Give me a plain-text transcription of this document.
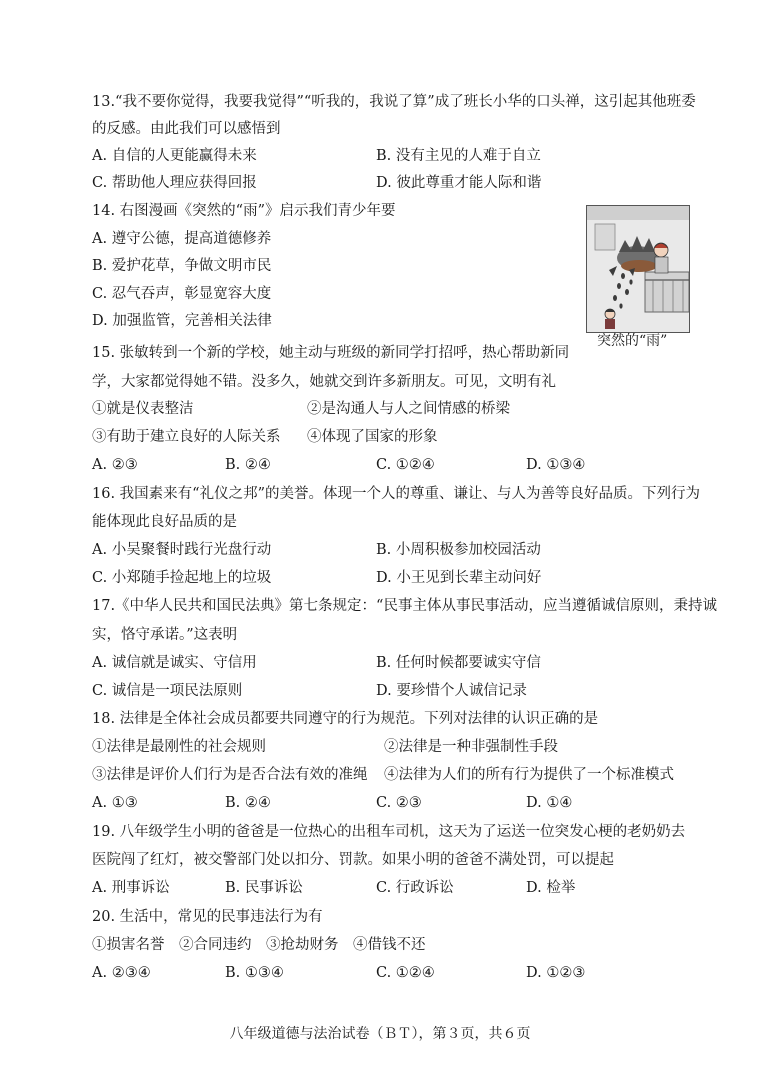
13.“我不要你觉得，我要我觉得”“听我的，我说了算”成了班长小华的口头禅，这引起其他班委
的反感。由此我们可以感悟到
A. 自信的人更能赢得未来	B. 没有主见的人难于自立
C. 帮助他人理应获得回报	D. 彼此尊重才能人际和谐
14. 右图漫画《突然的“雨”》启示我们青少年要
A. 遵守公德，提高道德修养
B. 爱护花草，争做文明市民
C. 忍气吞声，彰显宽容大度
D. 加强监管，完善相关法律
突然的“雨”
15. 张敏转到一个新的学校，她主动与班级的新同学打招呼，热心帮助新同
学，大家都觉得她不错。没多久，她就交到许多新朋友。可见，文明有礼
①就是仪表整洁	②是沟通人与人之间情感的桥梁
③有助于建立良好的人际关系 ④体现了国家的形象
A. ②③	B. ②④	C. ①②④	D. ①③④
16. 我国素来有“礼仪之邦”的美誉。体现一个人的尊重、谦让、与人为善等良好品质。下列行为
能体现此良好品质的是
A. 小吴聚餐时践行光盘行动	B. 小周积极参加校园活动
C. 小郑随手捡起地上的垃圾	D. 小王见到长辈主动问好
17.《中华人民共和国民法典》第七条规定：“民事主体从事民事活动，应当遵循诚信原则，秉持诚
实，恪守承诺。”这表明
A. 诚信就是诚实、守信用	B. 任何时候都要诚实守信
C. 诚信是一项民法原则	D. 要珍惜个人诚信记录
18. 法律是全体社会成员都要共同遵守的行为规范。下列对法律的认识正确的是
①法律是最刚性的社会规则	②法律是一种非强制性手段
③法律是评价人们行为是否合法有效的准绳 ④法律为人们的所有行为提供了一个标准模式
A. ①③	B. ②④	C. ②③	D. ①④
19. 八年级学生小明的爸爸是一位热心的出租车司机，这天为了运送一位突发心梗的老奶奶去
医院闯了红灯，被交警部门处以扣分、罚款。如果小明的爸爸不满处罚，可以提起
A. 刑事诉讼	B. 民事诉讼	C. 行政诉讼	D. 检举
20. 生活中，常见的民事违法行为有
①损害名誉　②合同违约　③抢劫财务　④借钱不还
A. ②③④	B. ①③④	C. ①②④	D. ①②③
八年级道德与法治试卷（ＢＴ），第３页，共６页
